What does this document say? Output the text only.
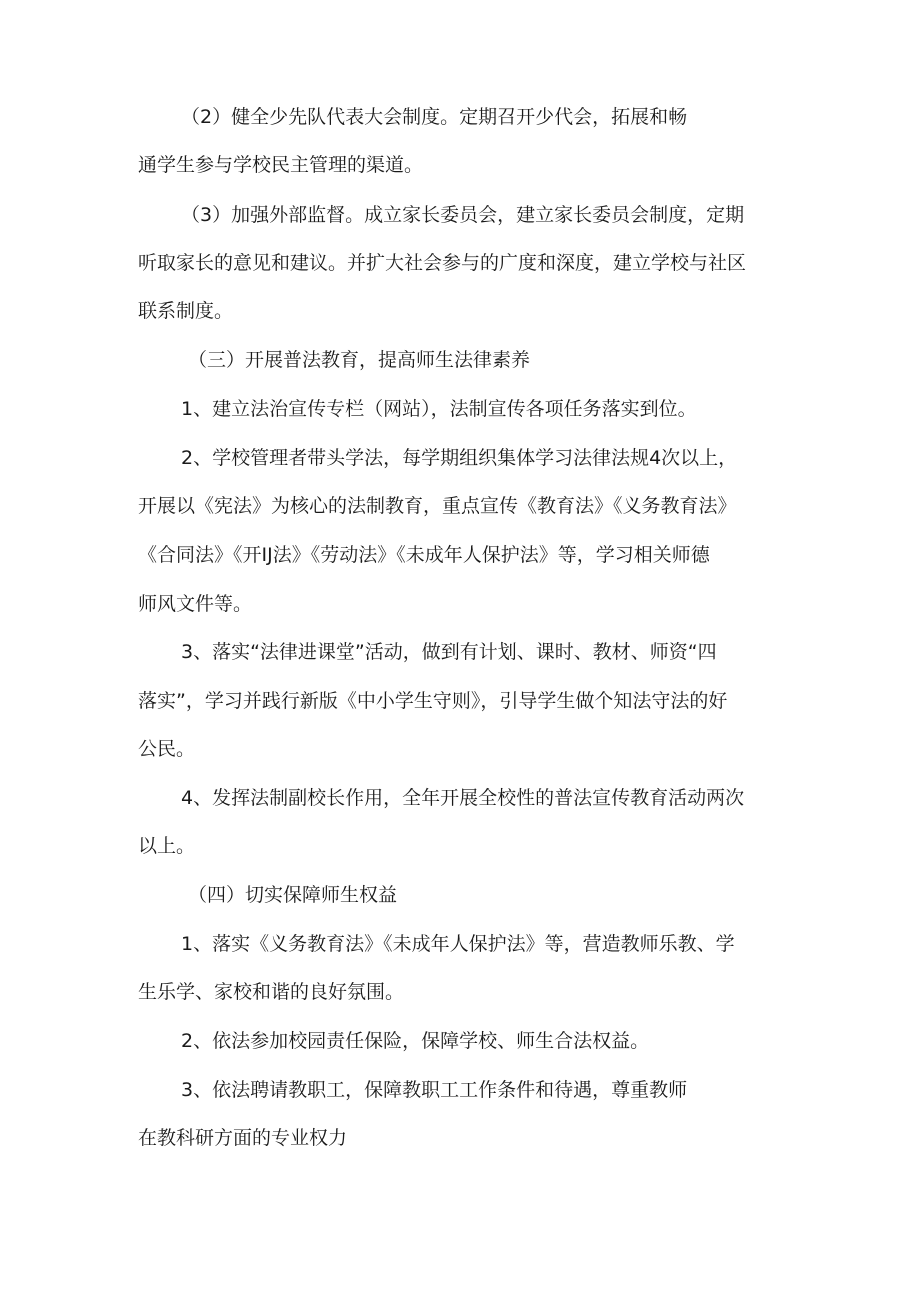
（2）健全少先队代表大会制度。定期召开少代会，拓展和畅
通学生参与学校民主管理的渠道。
（3）加强外部监督。成立家长委员会，建立家长委员会制度，定期
听取家长的意见和建议。并扩大社会参与的广度和深度，建立学校与社区
联系制度。
（三）开展普法教育，提高师生法律素养
1、建立法治宣传专栏（网站），法制宣传各项任务落实到位。
2、学校管理者带头学法，每学期组织集体学习法律法规4次以上，
开展以《宪法》为核心的法制教育，重点宣传《教育法》《义务教育法》
《合同法》《开IJ法》《劳动法》《未成年人保护法》等，学习相关师德
师风文件等。
3、落实“法律进课堂”活动，做到有计划、课时、教材、师资“四
落实”，学习并践行新版《中小学生守则》，引导学生做个知法守法的好
公民。
4、发挥法制副校长作用，全年开展全校性的普法宣传教育活动两次
以上。
（四）切实保障师生权益
1、落实《义务教育法》《未成年人保护法》等，营造教师乐教、学
生乐学、家校和谐的良好氛围。
2、依法参加校园责任保险，保障学校、师生合法权益。
3、依法聘请教职工，保障教职工工作条件和待遇，尊重教师
在教科研方面的专业权力
